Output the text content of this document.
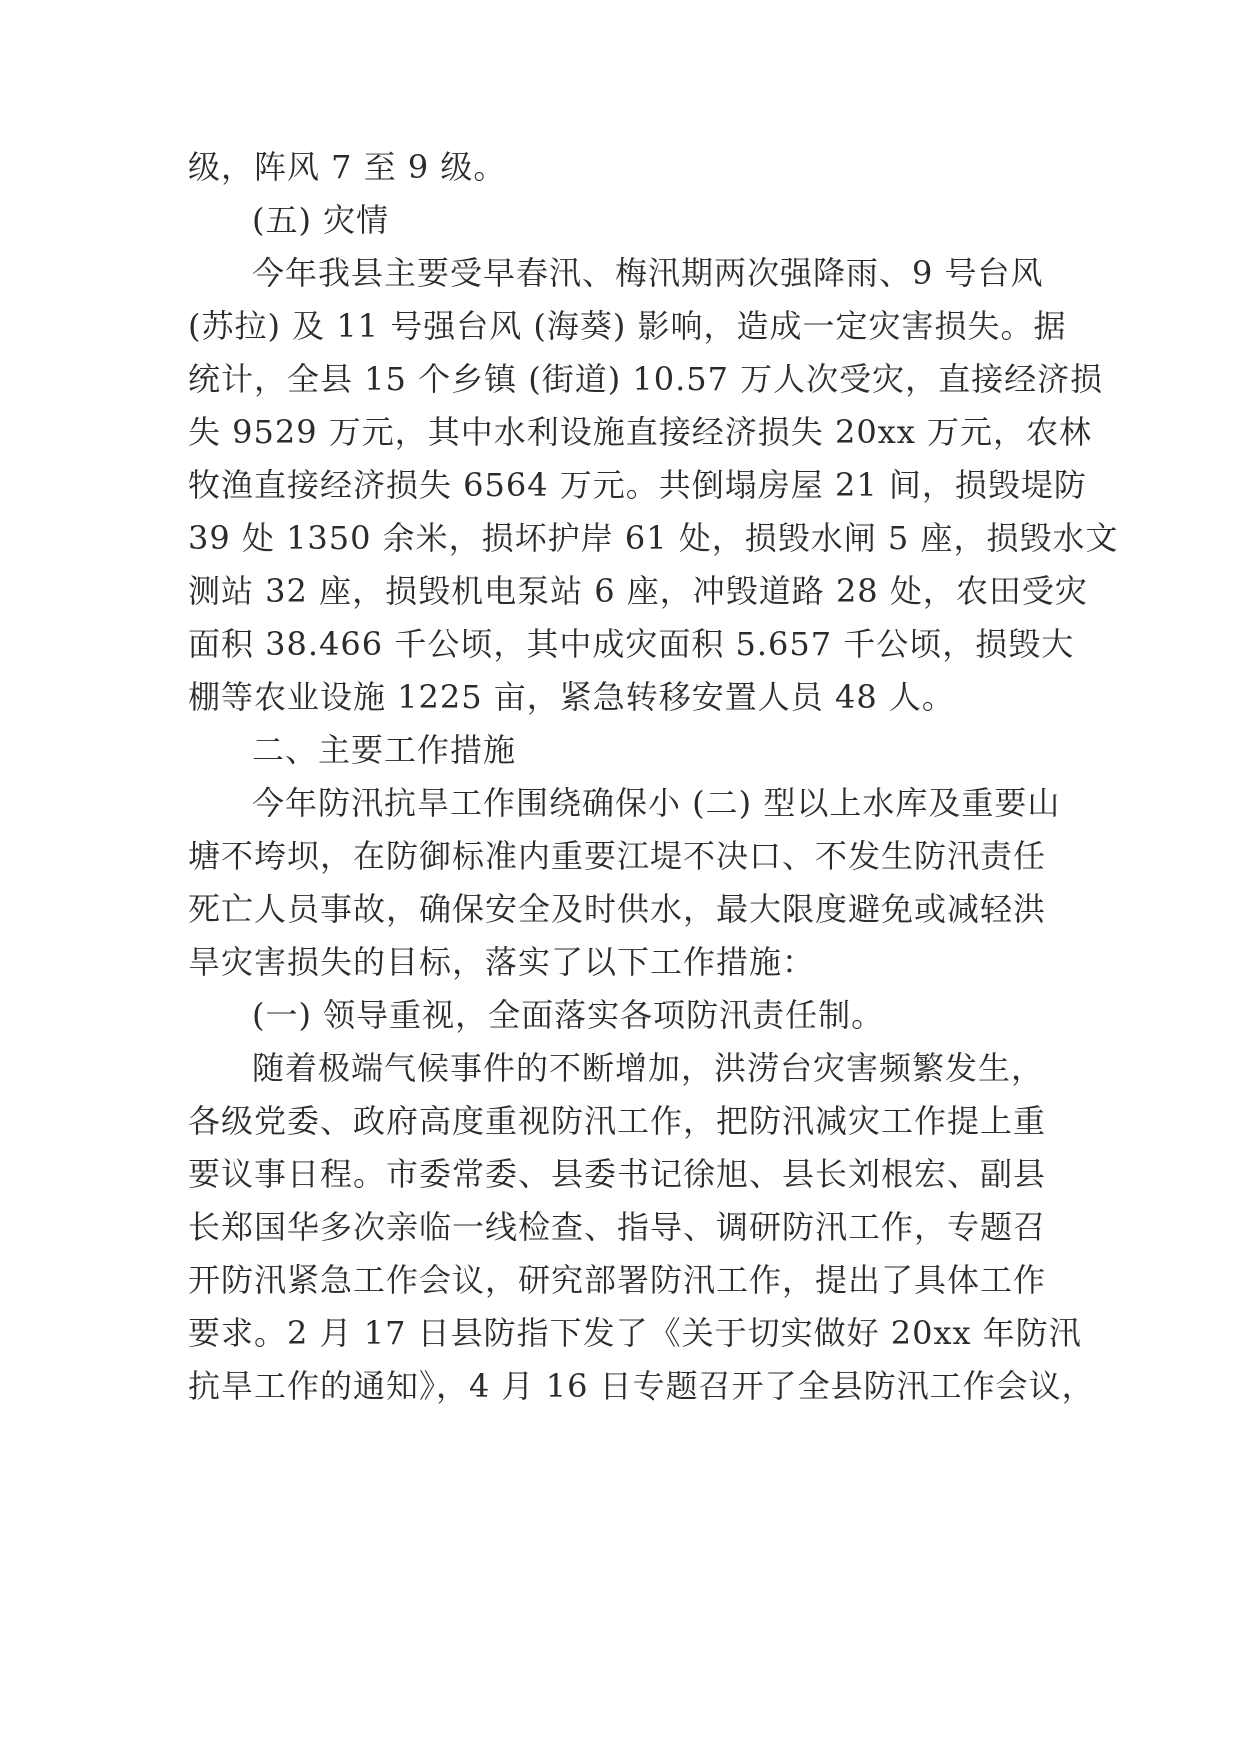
级，阵风 7 至 9 级。
(五) 灾情
今年我县主要受早春汛、梅汛期两次强降雨、9 号台风
(苏拉) 及 11 号强台风 (海葵) 影响，造成一定灾害损失。据
统计，全县 15 个乡镇 (街道) 10.57 万人次受灾，直接经济损
失 9529 万元，其中水利设施直接经济损失 20xx 万元，农林
牧渔直接经济损失 6564 万元。共倒塌房屋 21 间，损毁堤防
39 处 1350 余米，损坏护岸 61 处，损毁水闸 5 座，损毁水文
测站 32 座，损毁机电泵站 6 座，冲毁道路 28 处，农田受灾
面积 38.466 千公顷，其中成灾面积 5.657 千公顷，损毁大
棚等农业设施 1225 亩，紧急转移安置人员 48 人。
二、主要工作措施
今年防汛抗旱工作围绕确保小 (二) 型以上水库及重要山
塘不垮坝，在防御标准内重要江堤不决口、不发生防汛责任
死亡人员事故，确保安全及时供水，最大限度避免或减轻洪
旱灾害损失的目标，落实了以下工作措施：
(一) 领导重视，全面落实各项防汛责任制。
随着极端气候事件的不断增加，洪涝台灾害频繁发生，
各级党委、政府高度重视防汛工作，把防汛减灾工作提上重
要议事日程。市委常委、县委书记徐旭、县长刘根宏、副县
长郑国华多次亲临一线检查、指导、调研防汛工作，专题召
开防汛紧急工作会议，研究部署防汛工作，提出了具体工作
要求。2 月 17 日县防指下发了《关于切实做好 20xx 年防汛
抗旱工作的通知》，4 月 16 日专题召开了全县防汛工作会议，
